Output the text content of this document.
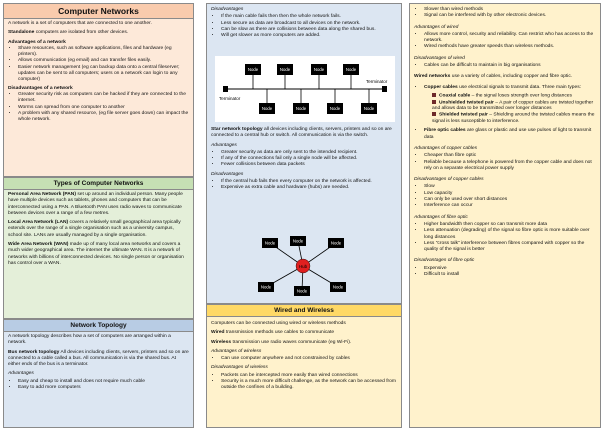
Computer Networks

A network is a set of computers that are connected to one another.

Standalone computers are isolated from other devices.

Advantages of a network
• Share resources, such as software applications, files and hardware (eg printers).
• Allows communication (eg email) and can transfer files easily.
• Easier network management (eg can backup data onto a central fileserver; updates can be sent to all computers; users on a network can login to any computer)
Disadvantages of a network
• Greater security risk as computers can be hacked if they are connected to the internet.
• Worms can spread from one computer to another
• A problem with any shared resource, (eg file server goes down) can impact the whole network.
Types of Computer Networks

Personal Area Network (PAN) set up around an individual person. Many people have multiple devices such as tablets, phones and computers that can be interconnected using a PAN. A Bluetooth PAN uses radio waves to communicate between devices over a range of a few metres.

Local Area Network (LAN) covers a relatively small geographical area typically extends over the range of a single organisation such as a university campus, school site. LANs are usually managed by a single organisation.

Wide Area Network (WAN) made up of many local area networks and covers a much wider geographical area. The internet the ultimate WAN. It is a network of networks with billions of interconnected devices. No single person or organisation has control over a WAN.

Network Topology

A network topology describes how a set of computers are arranged within a network.

Bus network topology All devices including clients, servers, printers and so on are connected to a cable called a bus. All communication is via the shared bus. At either ends of the bus is a terminator.

Advantages
• Easy and cheap to install and does not require much cable
• Easy to add more computers
Disadvantages
• If the main cable fails then then the whole network fails.
• Less secure as data are broadcast to all devices on the network.
• Can be slow as there are collisions between data along the shared bus.
• Will get slower as more computers are added.
Node	Node	Node	Node
Node	Node	Node	Node
Terminator
Terminator

Star network topology all devices including clients, servers, printers and so on are connected to a central hub or switch. All communication is via the switch.

Advantages
• Greater security as data are only sent to the intended recipient.
• If any of the connections fail only a single node will be affected.
• Fewer collisions between data packets
Disadvantages
• If the central hub fails then every computer on the network is affected.
• Expensive as extra cable and hardware (hubs) are needed.
Hub
Node	Node	Node
Node
Node
Node
Wired and Wireless

Computers can be connected using wired or wireless methods

Wired transmission methods use cables to communicate

Wireless transmission use radio waves communicate (eg Wi-Fi).

Advantages of wireless
• Can use computer anywhere and not constrained by cables
Disadvantages of wireless
• Packets can be intercepted more easily than wired connections
• Security is a much more difficult challenge, as the network can be accessed from outside the confines of a building.
• Slower than wired methods
• Signal can be interfered with by other electronic devices.
Advantages of wired
• Allows more control, security and reliability. Can restrict who has access to the network.
• Wired methods have greater speeds than wireless methods.
Disadvantages of wired
• Cables can be difficult to maintain in big organisations

Wired networks use a variety of cables, including copper and fibre optic.

• Copper cables use electrical signals to transmit data. Three main types:
Coaxial cable – the signal loses strength over long distances
Unshielded twisted pair – A pair of copper cables are twisted together and allows data to be transmitted over longer distances
Shielded twisted pair – Shielding around the twisted cables means the signal is less susceptible to interference.
• Fibre optic cables are glass or plastic and use use pulses of light to transmit data
Advantages of copper cables
• Cheaper than fibre optic
• Reliable because a telephone is powered from the copper cable and does not rely on a separate electrical power supply
Disadvantages of copper cables
• Slow
• Low capacity
• Can only be used over short distances
• Interference can occur
Advantages of fibre optic
• Higher bandwidth then copper so can transmit more data
• Less attenuation (degrading) of the signal so fibre optic is more suitable over long distances
• Less "cross talk" interference between fibres compared with copper so the quality of the signal is better
Disadvantages of fibre optic
• Expensive
• Difficult to install
